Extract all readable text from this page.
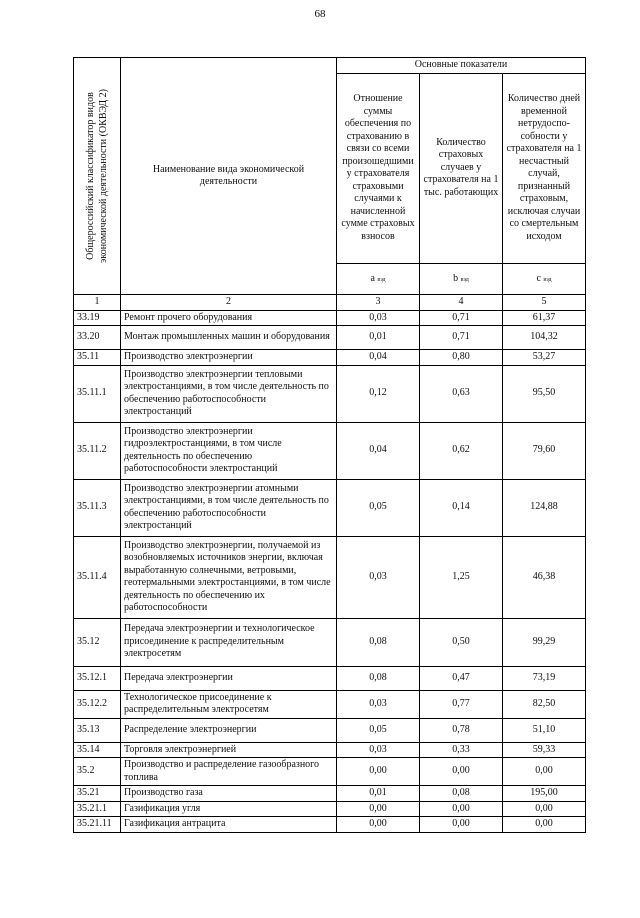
68
Общероссийский классификатор видов экономической деятельности (ОКВЭД 2)	Наименование вида экономической деятельности	Основные показатели		
		Отношение суммы обеспечения по страхованию в связи со всеми произошедшими у страхователя страховыми случаями к начисленной сумме страховых взносов	Количество страховых случаев у страхователя на 1 тыс. работающих	Количество дней временной нетрудоспо-собности у страхователя на 1 несчастный случай, признанный страховым, исключая случаи со смертельным исходом
		a вэд	b вэд	c вэд
1	2	3	4	5
33.19	Ремонт прочего оборудования	0,03	0,71	61,37
33.20	Монтаж промышленных машин и оборудования	0,01	0,71	104,32
35.11	Производство электроэнергии	0,04	0,80	53,27
35.11.1	Производство электроэнергии тепловыми электростанциями, в том числе деятельность по обеспечению работоспособности электростанций	0,12	0,63	95,50
35.11.2	Производство электроэнергии гидроэлектростанциями, в том числе деятельность по обеспечению работоспособности электростанций	0,04	0,62	79,60
35.11.3	Производство электроэнергии атомными электростанциями, в том числе деятельность по обеспечению работоспособности электростанций	0,05	0,14	124,88
35.11.4	Производство электроэнергии, получаемой из возобновляемых источников энергии, включая выработанную солнечными, ветровыми, геотермальными электростанциями, в том числе деятельность по обеспечению их работоспособности	0,03	1,25	46,38
35.12	Передача электроэнергии и технологическое присоединение к распределительным электросетям	0,08	0,50	99,29
35.12.1	Передача электроэнергии	0,08	0,47	73,19
35.12.2	Технологическое присоединение к распределительным электросетям	0,03	0,77	82,50
35.13	Распределение электроэнергии	0,05	0,78	51,10
35.14	Торговля электроэнергией	0,03	0,33	59,33
35.2	Производство и распределение газообразного топлива	0,00	0,00	0,00
35.21	Производство газа	0,01	0,08	195,00
35.21.1	Газификация угля	0,00	0,00	0,00
35.21.11	Газификация антрацита	0,00	0,00	0,00
